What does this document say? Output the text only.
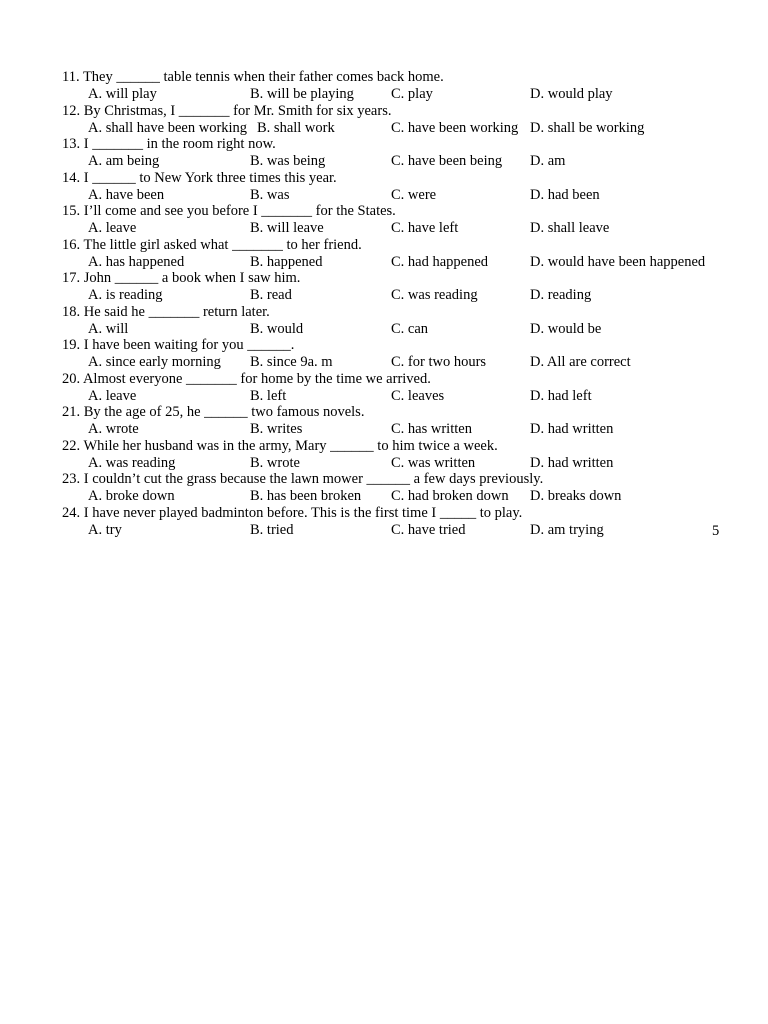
11. They ______ table tennis when their father comes back home.
A. will play	B. will be playing	C. play	D. would play
12. By Christmas, I _______ for Mr. Smith for six years.
A. shall have been working B. shall work	C. have been working D. shall be working
13. I _______ in the room right now.
A. am being	B. was being	C. have been being D. am
14. I ______ to New York three times this year.
A. have been	B. was	C. were	D. had been
15. I’ll come and see you before I _______ for the States.
A. leave	B. will leave	C. have left	D. shall leave
16. The little girl asked what _______ to her friend.
A. has happened	B. happened	C. had happened	D. would have been happened
17. John ______ a book when I saw him.
A. is reading	B. read	C. was reading	D. reading
18. He said he _______ return later.
A. will	B. would	C. can	D. would be
19. I have been waiting for you ______.
A. since early morning B. since 9a. m	C. for two hours	D. All are correct
20. Almost everyone _______ for home by the time we arrived.
A. leave	B. left	C. leaves	D. had left
21. By the age of 25, he ______ two famous novels.
A. wrote	B. writes	C. has written	D. had written
22. While her husband was in the army, Mary ______ to him twice a week.
A. was reading	B. wrote	C. was written	D. had written
23. I couldn’t cut the grass because the lawn mower ______ a few days previously.
A. broke down	B. has been broken C. had broken down D. breaks down
24. I have never played badminton before. This is the first time I _____ to play.
A. try	B. tried	C. have tried	D. am trying	5
